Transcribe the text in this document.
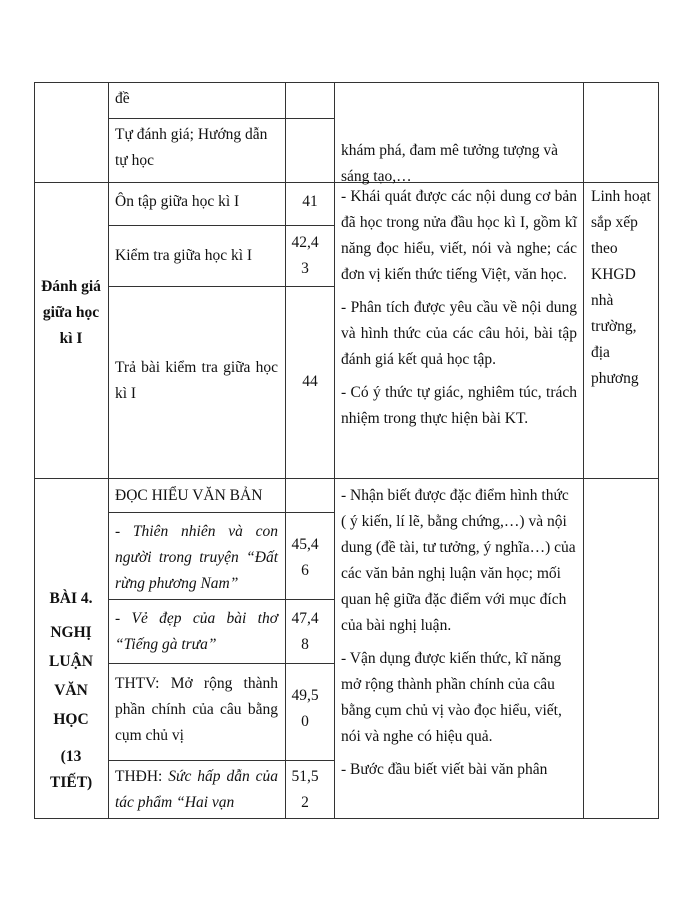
đề
Tự đánh giá; Hướng dẫn tự học
khám phá, đam mê tưởng tượng và sáng tạo,…
Đánh giá giữa học kì I
Ôn tập giữa học kì I	41
Kiểm tra giữa học kì I
42,43
Trả bài kiểm tra giữa học kì I
44

- Khái quát được các nội dung cơ bản đã học trong nửa đầu học kì I, gồm kĩ năng đọc hiểu, viết, nói và nghe; các đơn vị kiến thức tiếng Việt, văn học.

- Phân tích được yêu cầu về nội dung và hình thức của các câu hỏi, bài tập đánh giá kết quả học tập.

- Có ý thức tự giác, nghiêm túc, trách nhiệm trong thực hiện bài KT.

Linh hoạt sắp xếp theo KHGD nhà trường, địa phương
BÀI 4.
NGHỊ LUẬN VĂN HỌC
(13 TIẾT)
ĐỌC HIỂU VĂN BẢN
- Thiên nhiên và con người trong truyện “Đất rừng phương Nam”
45,46
- Vẻ đẹp của bài thơ “Tiếng gà trưa”
47,48
THTV: Mở rộng thành phần chính của câu bằng cụm chủ vị
49,50
THĐH: Sức hấp dẫn của tác phẩm “Hai vạn
51,52

- Nhận biết được đặc điểm hình thức ( ý kiến, lí lẽ, bằng chứng,…) và nội dung (đề tài, tư tưởng, ý nghĩa…) của các văn bản nghị luận văn học; mối quan hệ giữa đặc điểm với mục đích của bài nghị luận.

- Vận dụng được kiến thức, kĩ năng mở rộng thành phần chính của câu bằng cụm chủ vị vào đọc hiểu, viết, nói và nghe có hiệu quả.

- Bước đầu biết viết bài văn phân
